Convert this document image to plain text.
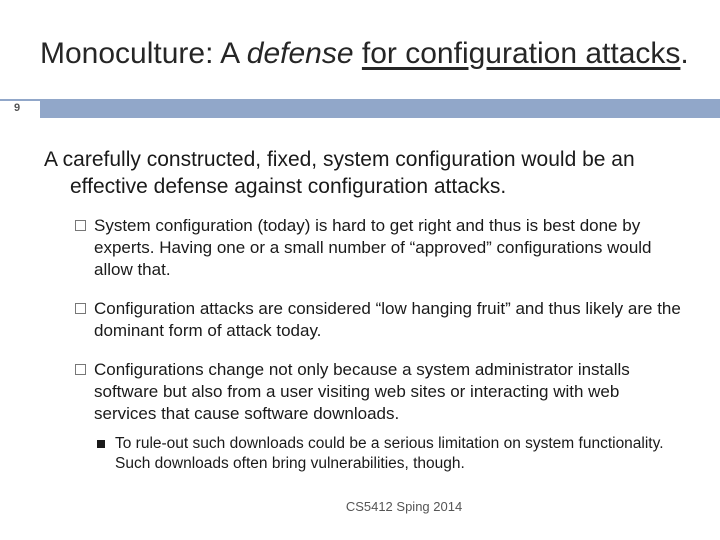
9
Monoculture: A defense for configuration attacks.
A carefully constructed, fixed, system configuration would be an effective defense against configuration attacks.
System configuration (today) is hard to get right and thus is best done by experts. Having one or a small number of “approved” configurations would allow that.
Configuration attacks are considered “low hanging fruit” and thus likely are the dominant form of attack today.
Configurations change not only because a system administrator installs software but also from a user visiting web sites or interacting with web services that cause software downloads.
To rule-out such downloads could be a serious limitation on system functionality. Such downloads often bring vulnerabilities, though.
CS5412 Sping 2014
